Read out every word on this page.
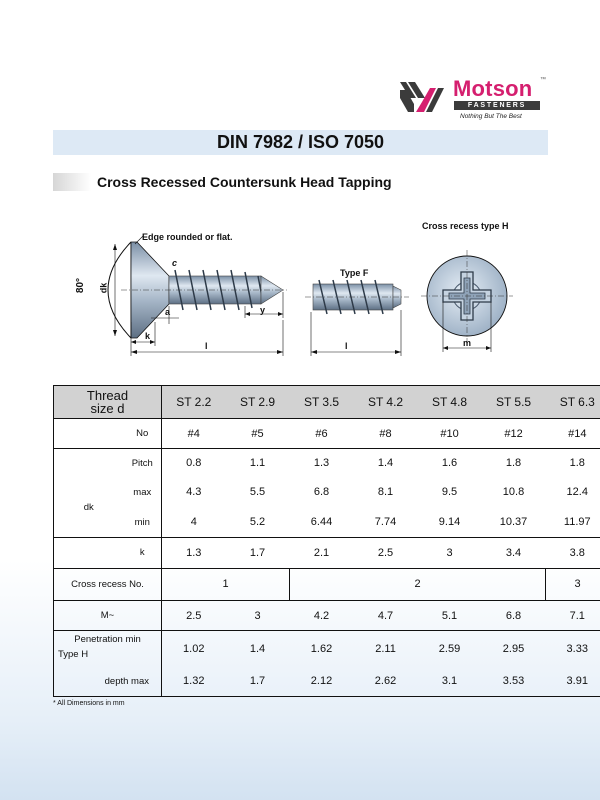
Motson ™
FASTENERS
Nothing But The Best
DIN 7982 / ISO 7050
Cross Recessed Countersunk Head Tapping
Edge rounded or flat.
80° dk
c
a	y
k
l
Type F
l
Cross recess type H
m
Thread
size d		ST 2.2	ST 2.9	ST 3.5	ST 4.2	ST 4.8	ST 5.5	ST 6.3
	No	#4	#5	#6	#8	#10	#12	#14
	Pitch	0.8	1.1	1.3	1.4	1.6	1.8	1.8
dk	max	4.3	5.5	6.8	8.1	9.5	10.8	12.4
	min	4	5.2	6.44	7.74	9.14	10.37	11.97
	k	1.3	1.7	2.1	2.5	3	3.4	3.8
Cross recess No.		1		2				3
M~		2.5	3	4.2	4.7	5.1	6.8	7.1
Penetration min

Type H		1.02	1.4	1.62	2.11	2.59	2.95	3.33
depth max		1.32	1.7	2.12	2.62	3.1	3.53	3.91
* All Dimensions in mm
